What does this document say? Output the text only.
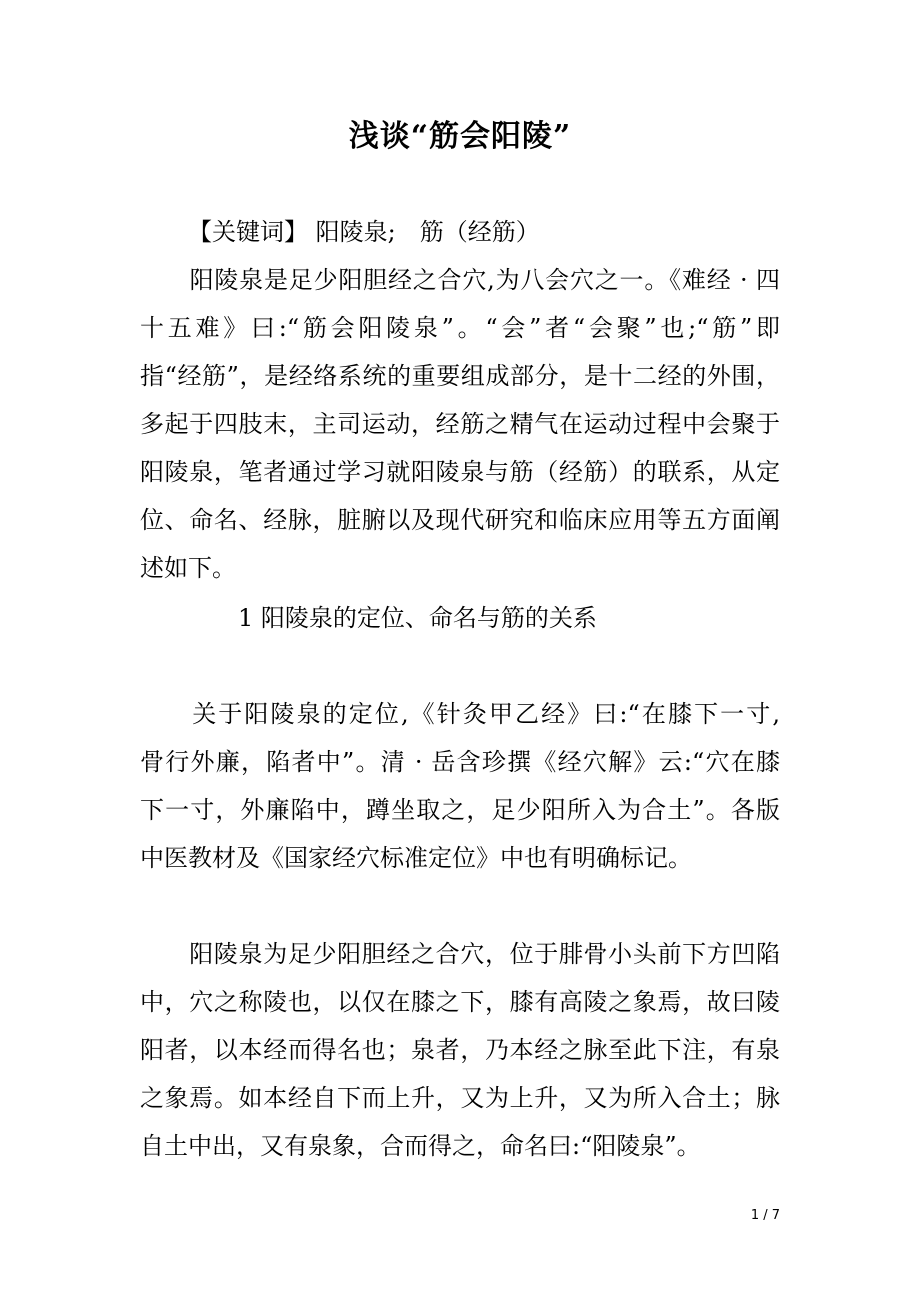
浅谈“筋会阳陵”
【关键词】 阳陵泉;　筋（经筋）
　　阳陵泉是足少阳胆经之合穴,为八会穴之一。《难经 · 四
十五难》曰:“筋会阳陵泉”。“会”者“会聚”也;“筋”即
指“经筋”，是经络系统的重要组成部分，是十二经的外围，
多起于四肢末，主司运动，经筋之精气在运动过程中会聚于
阳陵泉，笔者通过学习就阳陵泉与筋（经筋）的联系，从定
位、命名、经脉，脏腑以及现代研究和临床应用等五方面阐
述如下。
1 阳陵泉的定位、命名与筋的关系
　　关于阳陵泉的定位,《针灸甲乙经》曰:“在膝下一寸,
骨行外廉，陷者中”。清 · 岳含珍撰《经穴解》云:“穴在膝
下一寸，外廉陷中，蹲坐取之，足少阳所入为合土”。各版
中医教材及《国家经穴标准定位》中也有明确标记。
　　阳陵泉为足少阳胆经之合穴，位于腓骨小头前下方凹陷
中，穴之称陵也，以仅在膝之下，膝有高陵之象焉，故曰陵
阳者，以本经而得名也；泉者，乃本经之脉至此下注，有泉
之象焉。如本经自下而上升，又为上升，又为所入合土；脉
自土中出，又有泉象，合而得之，命名曰:“阳陵泉”。
1 / 7
